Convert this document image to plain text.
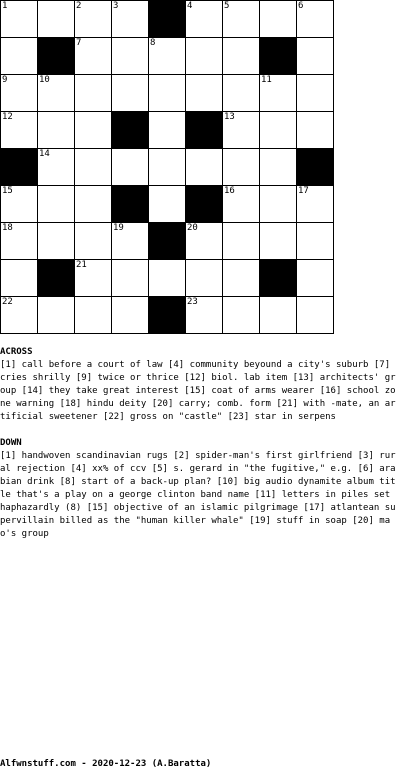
1	2	3	4	5	6
7	8
9	10	11
12	13
14
15	16	17
18	19	20
21
22	23
ACROSS
[1] call before a court of law [4] community beyound a city's suburb [7] cries shrilly [9] twice or thrice [12] biol. lab item [13] architects' group [14] they take great interest [15] coat of arms wearer [16] school zone warning [18] hindu deity [20] carry; comb. form [21] with -mate, an artificial sweetener [22] gross on "castle" [23] star in serpens
DOWN
[1] handwoven scandinavian rugs [2] spider-man's first girlfriend [3] rural rejection [4] xx% of ccv [5] s. gerard in "the fugitive," e.g. [6] arabian drink [8] start of a back-up plan? [10] big audio dynamite album title that's a play on a george clinton band name [11] letters in piles set haphazardly (8) [15] objective of an islamic pilgrimage [17] atlantean supervillain billed as the "human killer whale" [19] stuff in soap [20] mao's group
Alfwnstuff.com - 2020-12-23 (A.Baratta)
